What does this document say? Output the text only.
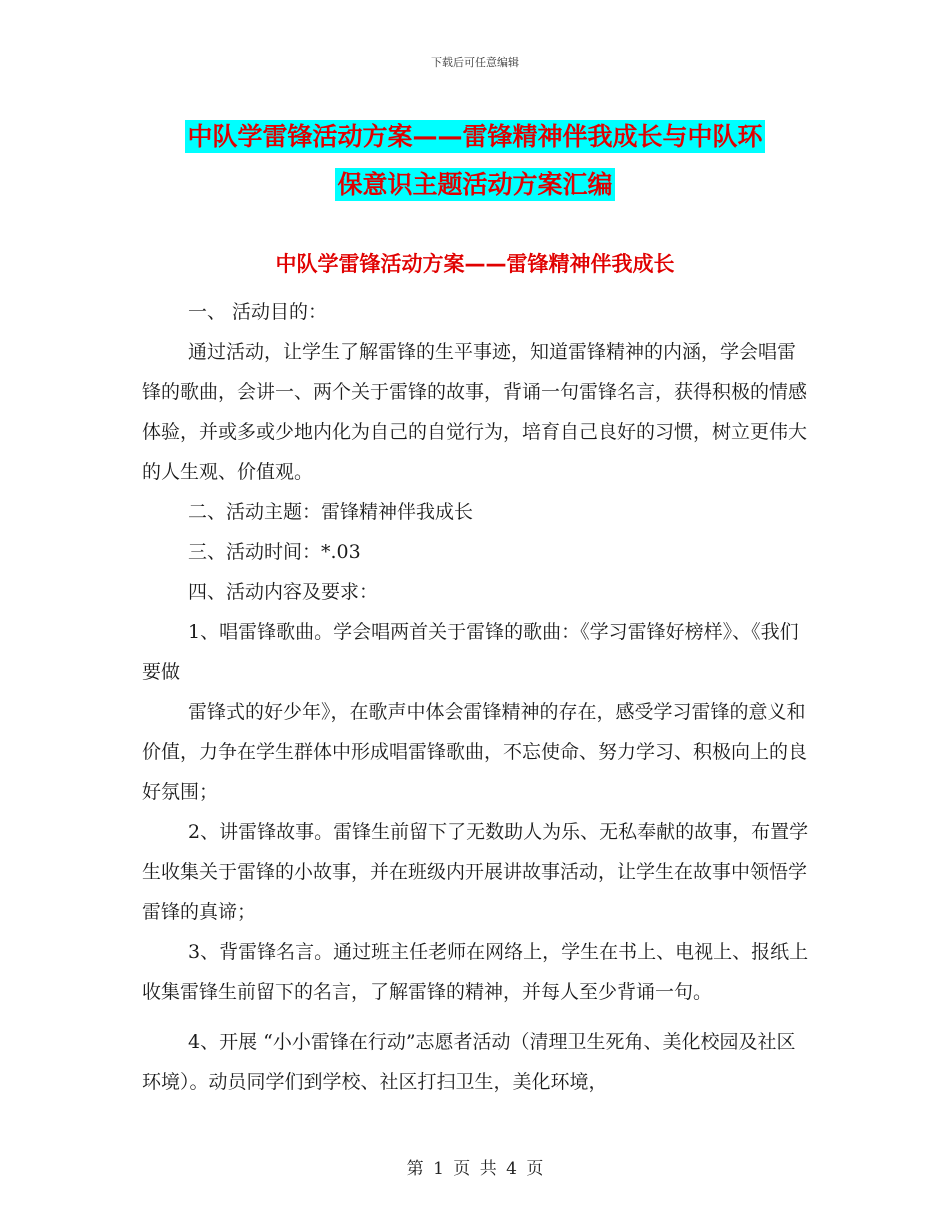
下载后可任意编辑
中队学雷锋活动方案——雷锋精神伴我成长与中队环
保意识主题活动方案汇编
中队学雷锋活动方案——雷锋精神伴我成长

一、 活动目的：

通过活动，让学生了解雷锋的生平事迹，知道雷锋精神的内涵，学会唱雷锋的歌曲，会讲一、两个关于雷锋的故事，背诵一句雷锋名言，获得积极的情感体验，并或多或少地内化为自己的自觉行为，培育自己良好的习惯，树立更伟大的人生观、价值观。

二、活动主题：雷锋精神伴我成长

三、活动时间：*.03

四、活动内容及要求：

1、唱雷锋歌曲。学会唱两首关于雷锋的歌曲：《学习雷锋好榜样》、《我们要做

雷锋式的好少年》，在歌声中体会雷锋精神的存在，感受学习雷锋的意义和价值，力争在学生群体中形成唱雷锋歌曲，不忘使命、努力学习、积极向上的良好氛围；

2、讲雷锋故事。雷锋生前留下了无数助人为乐、无私奉献的故事，布置学生收集关于雷锋的小故事，并在班级内开展讲故事活动，让学生在故事中领悟学雷锋的真谛；

3、背雷锋名言。通过班主任老师在网络上，学生在书上、电视上、报纸上收集雷锋生前留下的名言，了解雷锋的精神，并每人至少背诵一句。

4、开展 “小小雷锋在行动”志愿者活动（清理卫生死角、美化校园及社区环境）。动员同学们到学校、社区打扫卫生，美化环境，

第 1 页 共 4 页
